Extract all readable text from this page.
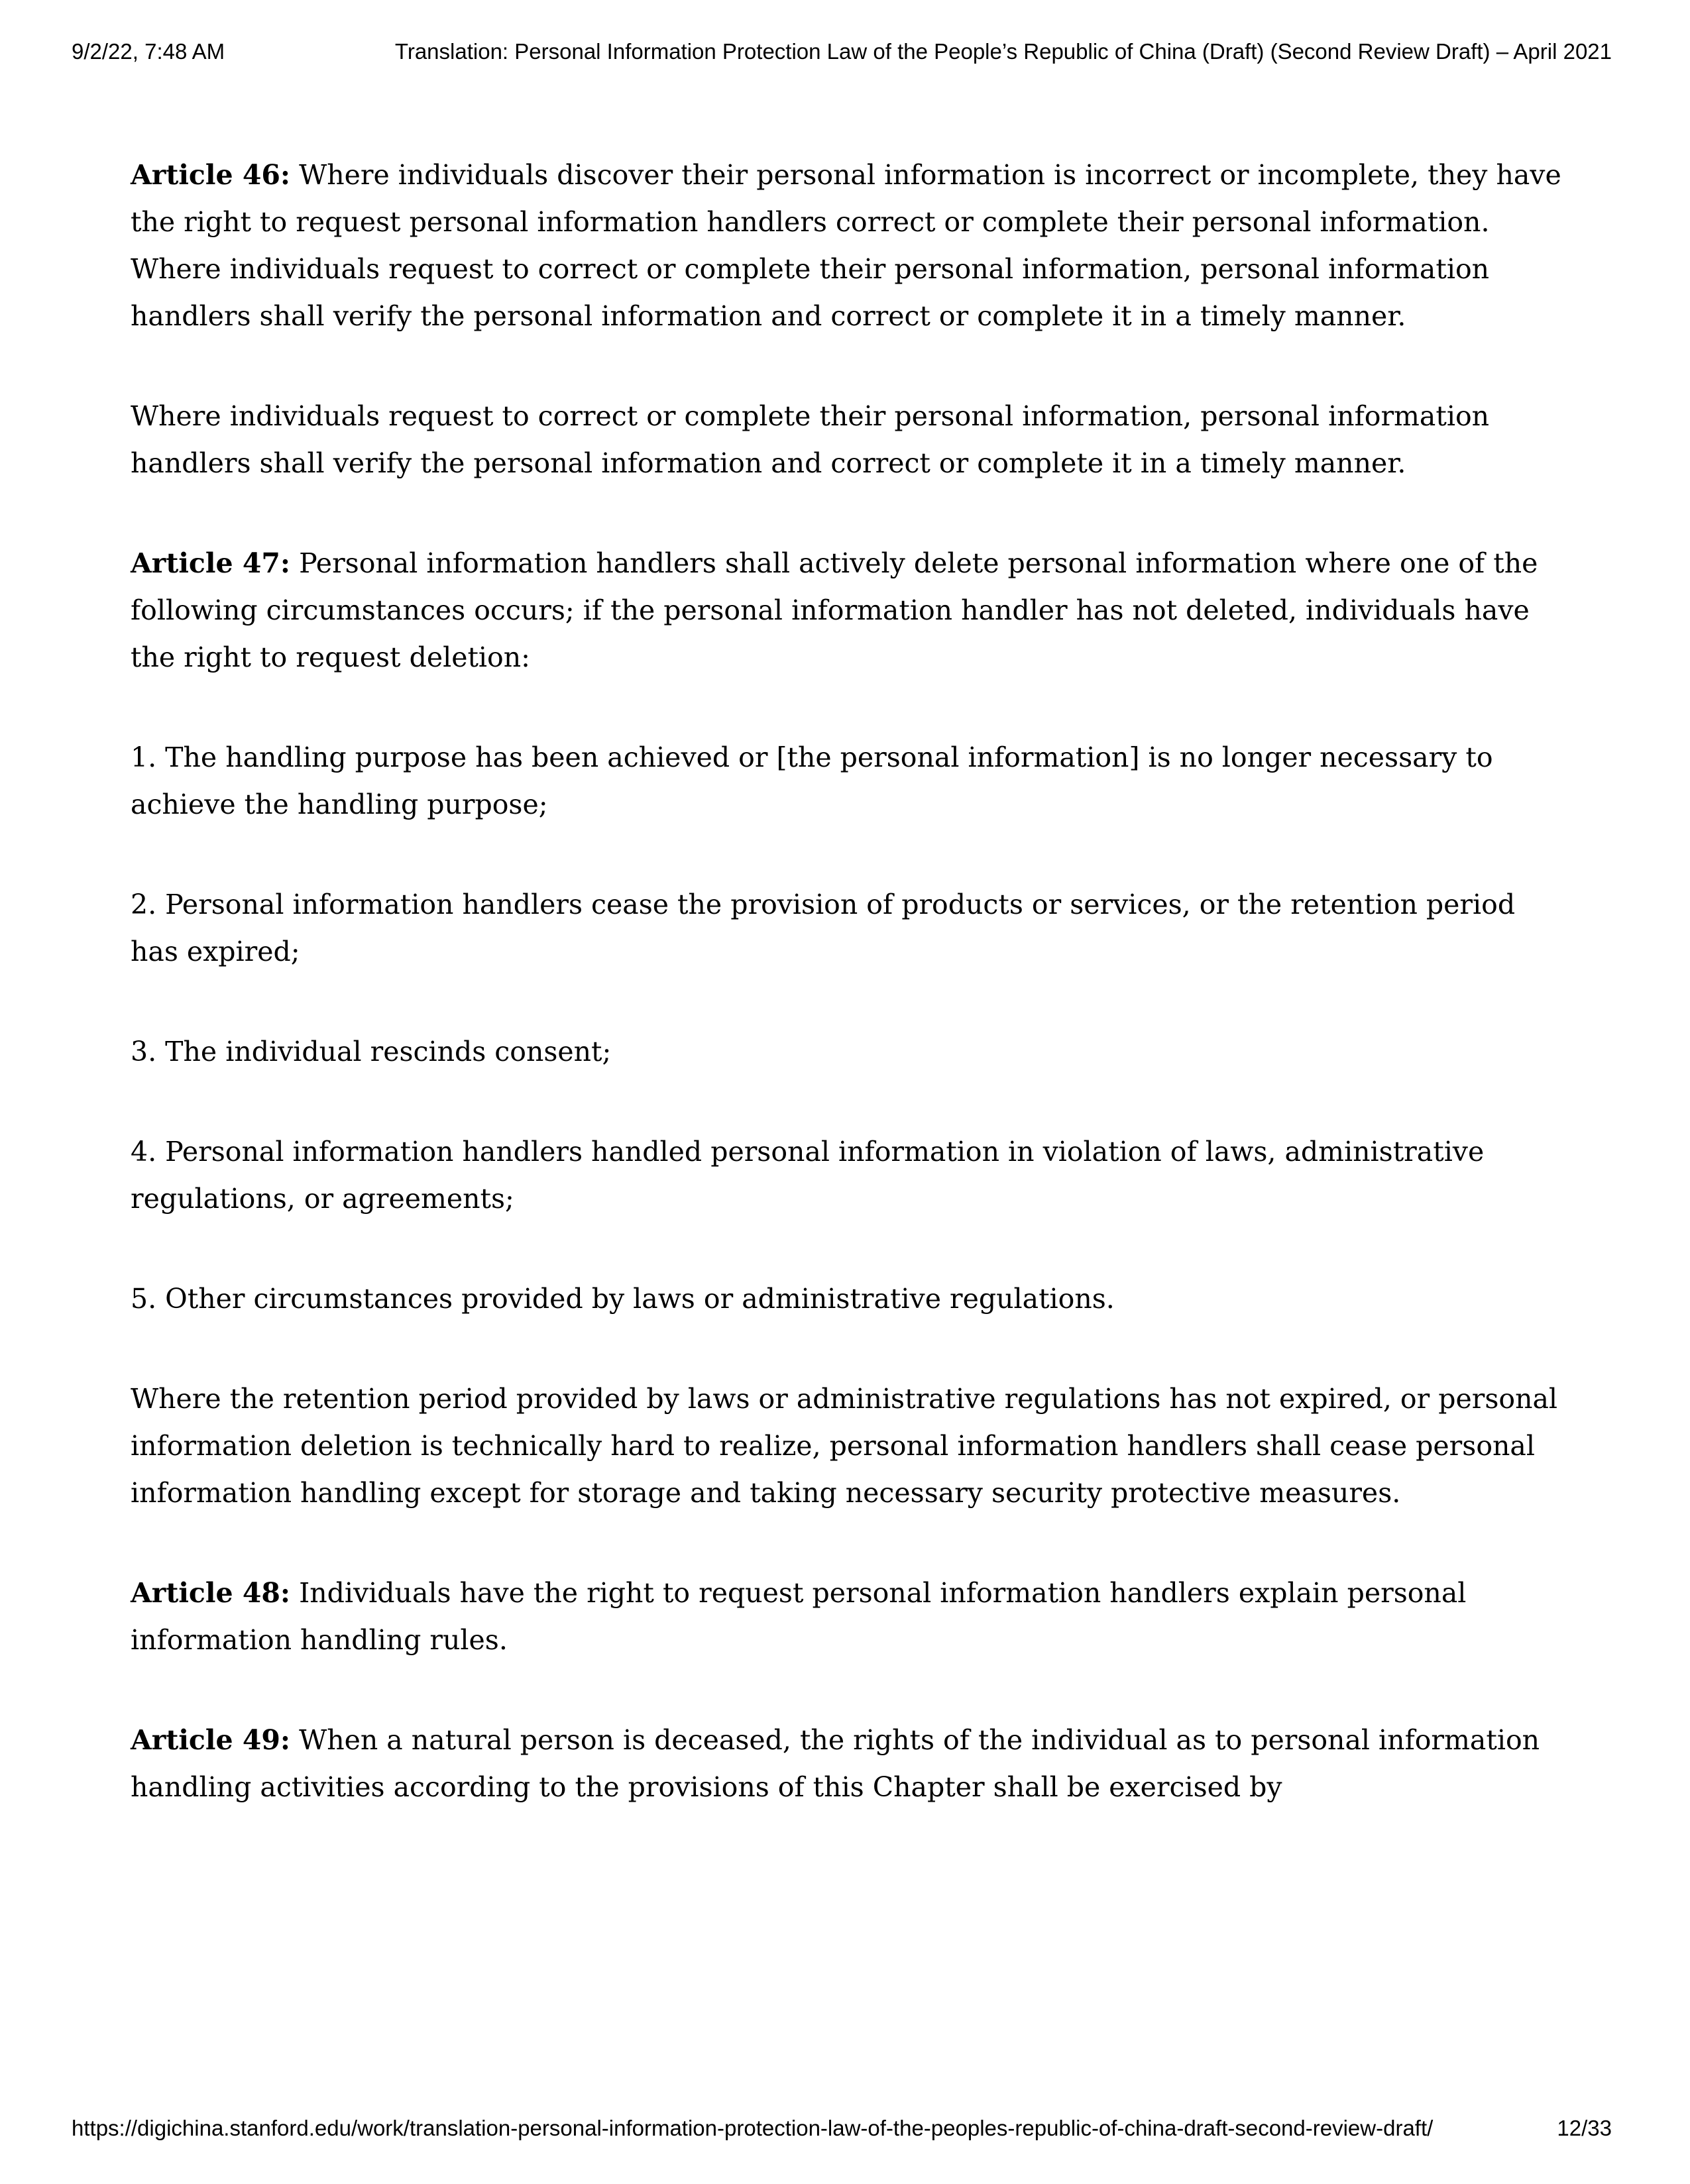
9/2/22, 7:48 AM	Translation: Personal Information Protection Law of the People’s Republic of China (Draft) (Second Review Draft) – April 2021

Article 46: Where individuals discover their personal information is incorrect or incomplete, they have the right to request personal information handlers correct or complete their personal information. Where individuals request to correct or complete their personal information, personal information handlers shall verify the personal information and correct or complete it in a timely manner.

Where individuals request to correct or complete their personal information, personal information handlers shall verify the personal information and correct or complete it in a timely manner.

Article 47: Personal information handlers shall actively delete personal information where one of the following circumstances occurs; if the personal information handler has not deleted, individuals have the right to request deletion:

1. The handling purpose has been achieved or [the personal information] is no longer necessary to achieve the handling purpose;

2. Personal information handlers cease the provision of products or services, or the retention period has expired;

3. The individual rescinds consent;

4. Personal information handlers handled personal information in violation of laws, administrative regulations, or agreements;

5. Other circumstances provided by laws or administrative regulations.

Where the retention period provided by laws or administrative regulations has not expired, or personal information deletion is technically hard to realize, personal information handlers shall cease personal information handling except for storage and taking necessary security protective measures.

Article 48: Individuals have the right to request personal information handlers explain personal information handling rules.

Article 49: When a natural person is deceased, the rights of the individual as to personal information handling activities according to the provisions of this Chapter shall be exercised by

https://digichina.stanford.edu/work/translation-personal-information-protection-law-of-the-peoples-republic-of-china-draft-second-review-draft/	12/33
